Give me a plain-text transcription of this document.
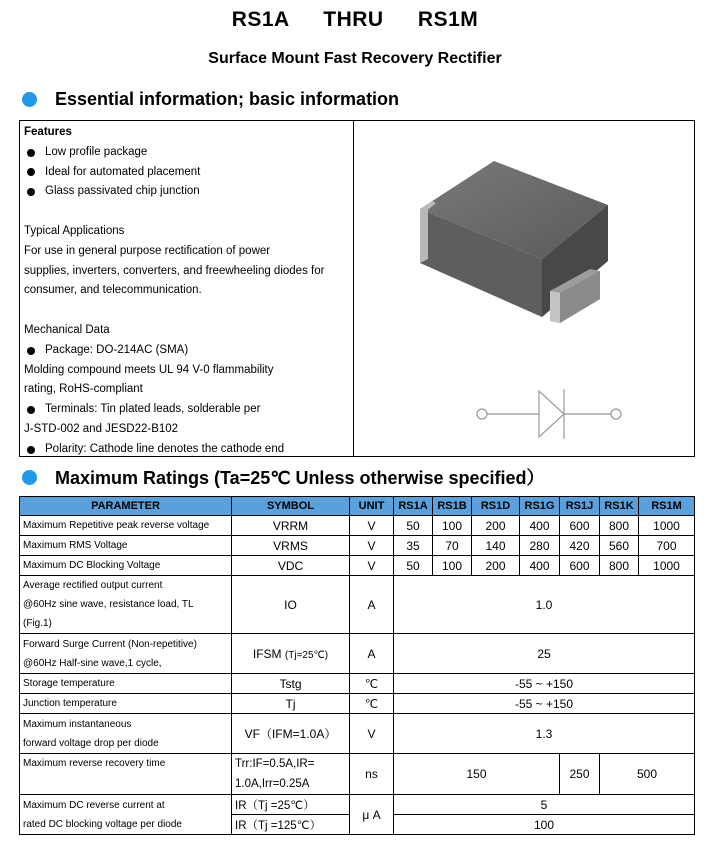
RS1A THRU RS1M
Surface Mount Fast Recovery Rectifier
Essential information; basic information
Features
Low profile package
Ideal for automated placement
Glass passivated chip junction
Typical Applications
For use in general purpose rectification of power
supplies, inverters, converters, and freewheeling diodes for
consumer, and telecommunication.
Mechanical Data
Package: DO-214AC (SMA)
Molding compound meets UL 94 V-0 flammability
rating, RoHS-compliant
Terminals: Tin plated leads, solderable per
J-STD-002 and JESD22-B102
Polarity: Cathode line denotes the cathode end
Maximum Ratings (Ta=25℃ Unless otherwise specified）
PARAMETER	SYMBOL	UNIT	RS1A	RS1B	RS1D	RS1G	RS1J	RS1K	RS1M
Maximum Repetitive peak reverse voltage	VRRM	V	50	100	200	400	600	800	1000
Maximum RMS Voltage	VRMS	V	35	70	140	280	420	560	700
Maximum DC Blocking Voltage	VDC	V	50	100	200	400	600	800	1000

Average rectified output current
@60Hz sine wave, resistance load, TL
(Fig.1)	IO	A	1.0						

Forward Surge Current (Non-repetitive)
@60Hz Half-sine wave,1 cycle,	IFSM (Tj=25℃)	A	25						
Storage temperature	Tstg	℃	-55 ~ +150						
Junction temperature	Tj	℃	-55 ~ +150						

Maximum instantaneous
forward voltage drop per diode	VF（IFM=1.0A）	V	1.3						
Maximum reverse recovery time	Trr:IF=0.5A,IR=
1.0A,Irr=0.25A	ns	150				250	500	

Maximum DC reverse current at
rated DC blocking voltage per diode	IR（Tj =25℃）	μ A	5						
	IR（Tj =125℃）		100						
